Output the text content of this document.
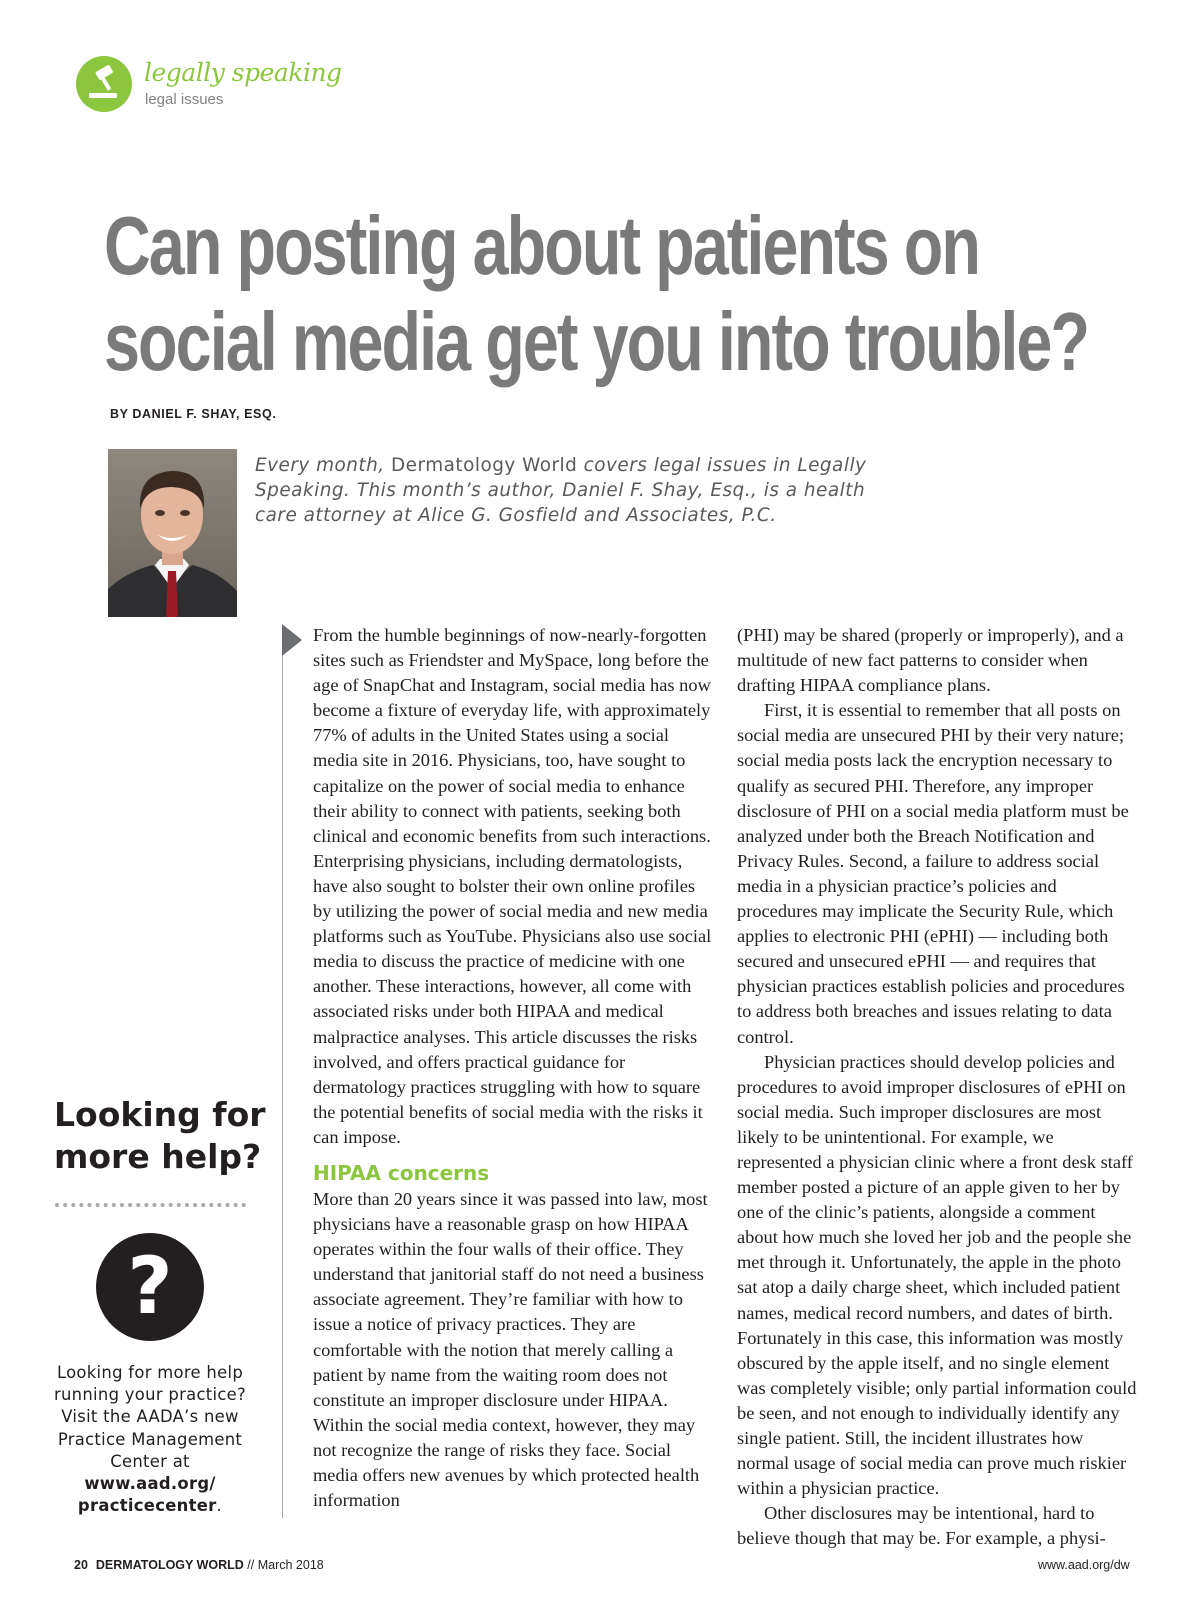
legally speaking
legal issues
Can posting about patients on
social media get you into trouble?
BY DANIEL F. SHAY, ESQ.
Every month, Dermatology World covers legal issues in Legally Speaking. This month’s author, Daniel F. Shay, Esq., is a health care attorney at Alice G. Gosfield and Associates, P.C.
Looking for
more help?
?
Looking for more help running your practice? Visit the AADA’s new Practice Management Center at www.aad.org/
practicecenter.

From the humble beginnings of now-nearly-forgotten sites such as Friendster and MySpace, long before the age of SnapChat and Instagram, social media has now become a fixture of everyday life, with approximately 77% of adults in the United States using a social media site in 2016. Physicians, too, have sought to capitalize on the power of social media to enhance their ability to connect with patients, seeking both clinical and economic benefits from such interactions. Enterprising physicians, including dermatologists, have also sought to bolster their own online profiles by utilizing the power of social media and new media platforms such as YouTube. Physicians also use social media to discuss the practice of medicine with one another. These interactions, however, all come with associated risks under both HIPAA and medical malpractice analyses. This article discusses the risks involved, and offers practical guidance for dermatology practices struggling with how to square the potential benefits of social media with the risks it can impose.

HIPAA concerns

More than 20 years since it was passed into law, most physicians have a reasonable grasp on how HIPAA operates within the four walls of their office. They understand that janitorial staff do not need a business associate agreement. They’re familiar with how to issue a notice of privacy practices. They are comfortable with the notion that merely calling a patient by name from the waiting room does not constitute an improper disclosure under HIPAA. Within the social media context, however, they may not recognize the range of risks they face. Social media offers new avenues by which protected health information

(PHI) may be shared (properly or improperly), and a multitude of new fact patterns to consider when drafting HIPAA compliance plans.

First, it is essential to remember that all posts on social media are unsecured PHI by their very nature; social media posts lack the encryption necessary to qualify as secured PHI. Therefore, any improper disclosure of PHI on a social media platform must be analyzed under both the Breach Notification and Privacy Rules. Second, a failure to address social media in a physician practice’s policies and procedures may implicate the Security Rule, which applies to electronic PHI (ePHI) — including both secured and unsecured ePHI — and requires that physician practices establish policies and procedures to address both breaches and issues relating to data control.

Physician practices should develop policies and procedures to avoid improper disclosures of ePHI on social media. Such improper disclosures are most likely to be unintentional. For example, we represented a physician clinic where a front desk staff member posted a picture of an apple given to her by one of the clinic’s patients, alongside a comment about how much she loved her job and the people she met through it. Unfortunately, the apple in the photo sat atop a daily charge sheet, which included patient names, medical record numbers, and dates of birth. Fortunately in this case, this information was mostly obscured by the apple itself, and no single element was completely visible; only partial information could be seen, and not enough to individually identify any single patient. Still, the incident illustrates how normal usage of social media can prove much riskier within a physician practice.

Other disclosures may be intentional, hard to believe though that may be. For example, a physi-

20 DERMATOLOGY WORLD // March 2018	www.aad.org/dw
